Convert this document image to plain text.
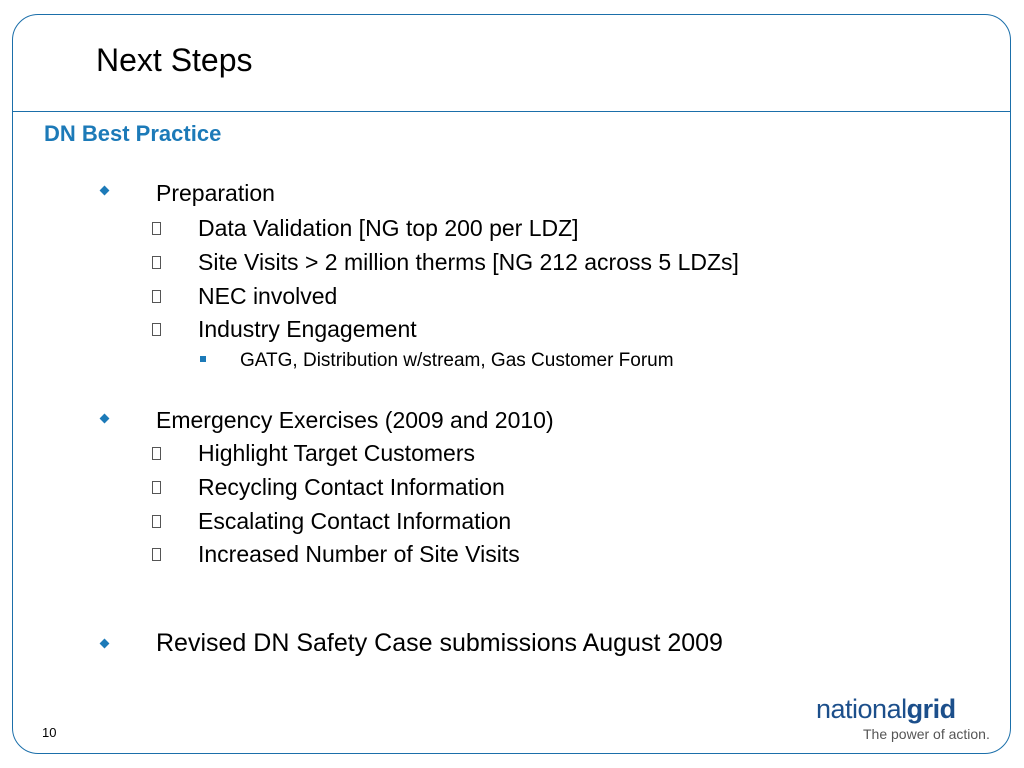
Next Steps
DN Best Practice
Preparation
Data Validation [NG top 200 per LDZ]
Site Visits > 2 million therms [NG 212 across 5 LDZs]
NEC involved
Industry Engagement
GATG, Distribution w/stream, Gas Customer Forum
Emergency Exercises (2009 and 2010)
Highlight Target Customers
Recycling Contact Information
Escalating Contact Information
Increased Number of Site Visits
Revised DN Safety Case submissions August 2009
10
nationalgrid
The power of action.
